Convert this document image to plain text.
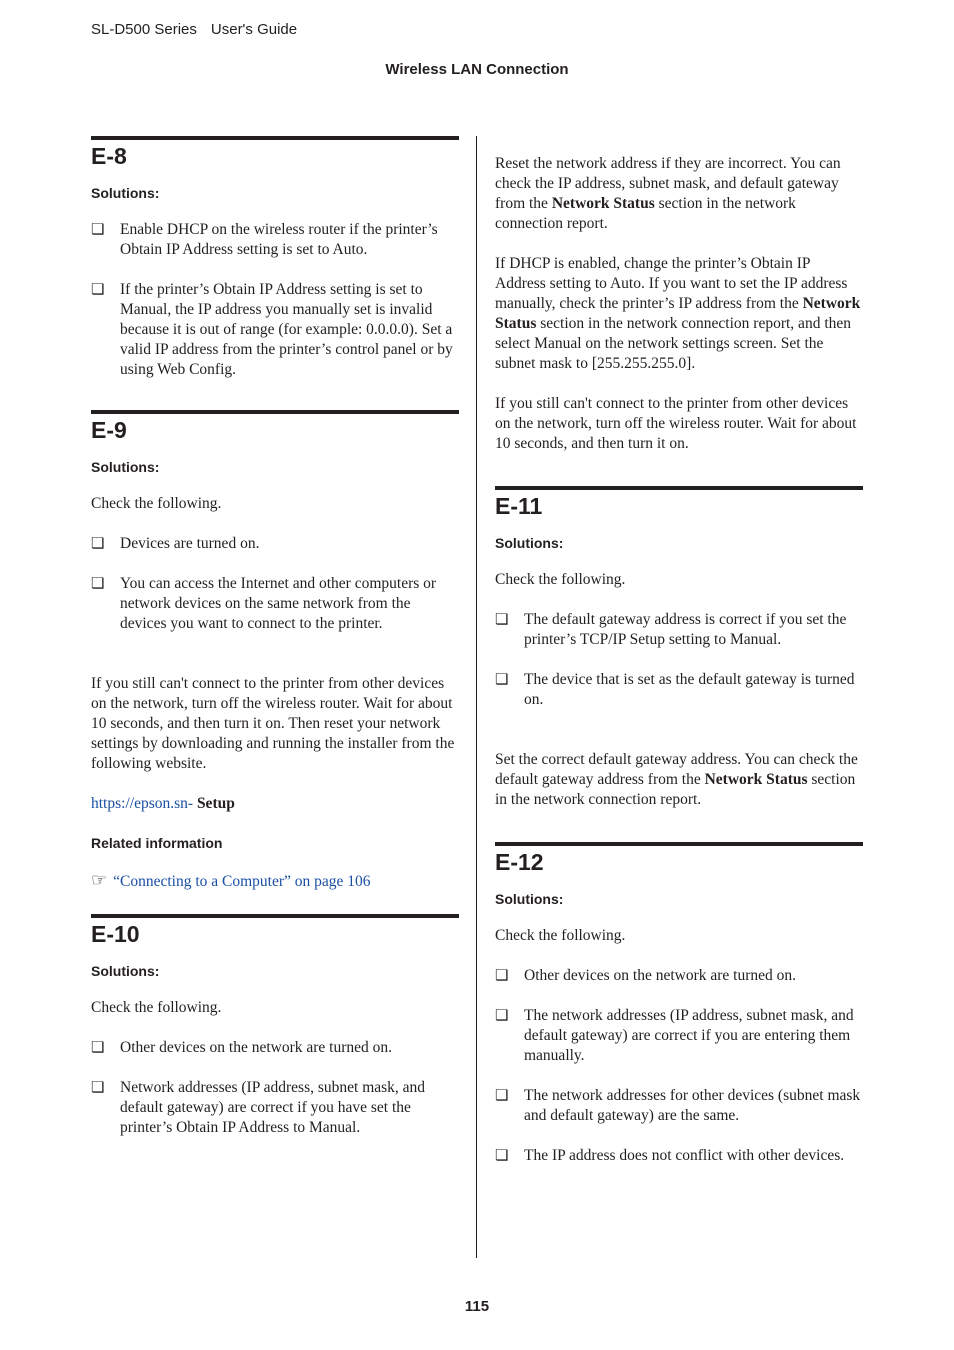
SL-D500 Series User's Guide
Wireless LAN Connection
E-8
Solutions:
❏ Enable DHCP on the wireless router if the printer’s Obtain IP Address setting is set to Auto.
❏ If the printer’s Obtain IP Address setting is set to Manual, the IP address you manually set is invalid because it is out of range (for example: 0.0.0.0). Set a valid IP address from the printer’s control panel or by using Web Config.
E-9
Solutions:
Check the following.
❏ Devices are turned on.
❏ You can access the Internet and other computers or network devices on the same network from the devices you want to connect to the printer.
If you still can't connect to the printer from other devices on the network, turn off the wireless router. Wait for about 10 seconds, and then turn it on. Then reset your network settings by downloading and running the installer from the following website.
https://epson.sn- Setup
Related information
☞ “Connecting to a Computer” on page 106
E-10
Solutions:
Check the following.
❏ Other devices on the network are turned on.
❏ Network addresses (IP address, subnet mask, and default gateway) are correct if you have set the printer’s Obtain IP Address to Manual.
Reset the network address if they are incorrect. You can check the IP address, subnet mask, and default gateway from the Network Status section in the network connection report.
If DHCP is enabled, change the printer’s Obtain IP Address setting to Auto. If you want to set the IP address manually, check the printer’s IP address from the Network Status section in the network connection report, and then select Manual on the network settings screen. Set the subnet mask to [255.255.255.0].
If you still can't connect to the printer from other devices on the network, turn off the wireless router. Wait for about 10 seconds, and then turn it on.
E-11
Solutions:
Check the following.
❏ The default gateway address is correct if you set the printer’s TCP/IP Setup setting to Manual.
❏ The device that is set as the default gateway is turned on.
Set the correct default gateway address. You can check the default gateway address from the Network Status section in the network connection report.
E-12
Solutions:
Check the following.
❏ Other devices on the network are turned on.
❏ The network addresses (IP address, subnet mask, and default gateway) are correct if you are entering them manually.
❏ The network addresses for other devices (subnet mask and default gateway) are the same.
❏ The IP address does not conflict with other devices.
115
